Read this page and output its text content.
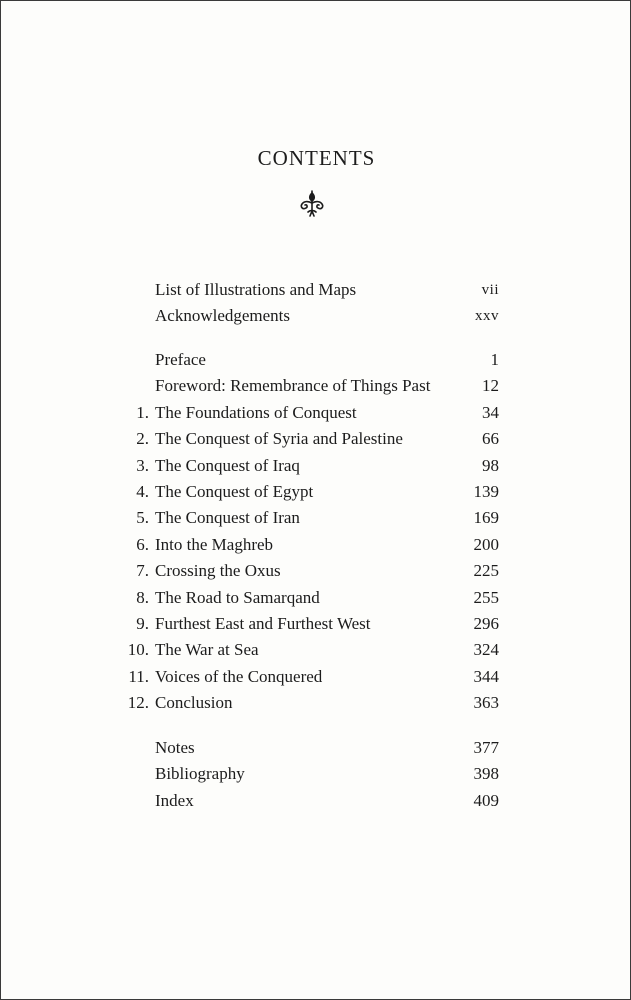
CONTENTS
List of Illustrations and Maps	vii
Acknowledgements	xxv
Preface	1
Foreword: Remembrance of Things Past	12
1. The Foundations of Conquest	34
2. The Conquest of Syria and Palestine	66
3. The Conquest of Iraq	98
4. The Conquest of Egypt	139
5. The Conquest of Iran	169
6. Into the Maghreb	200
7. Crossing the Oxus	225
8. The Road to Samarqand	255
9. Furthest East and Furthest West	296
10. The War at Sea	324
11. Voices of the Conquered	344
12. Conclusion	363
Notes	377
Bibliography	398
Index	409
